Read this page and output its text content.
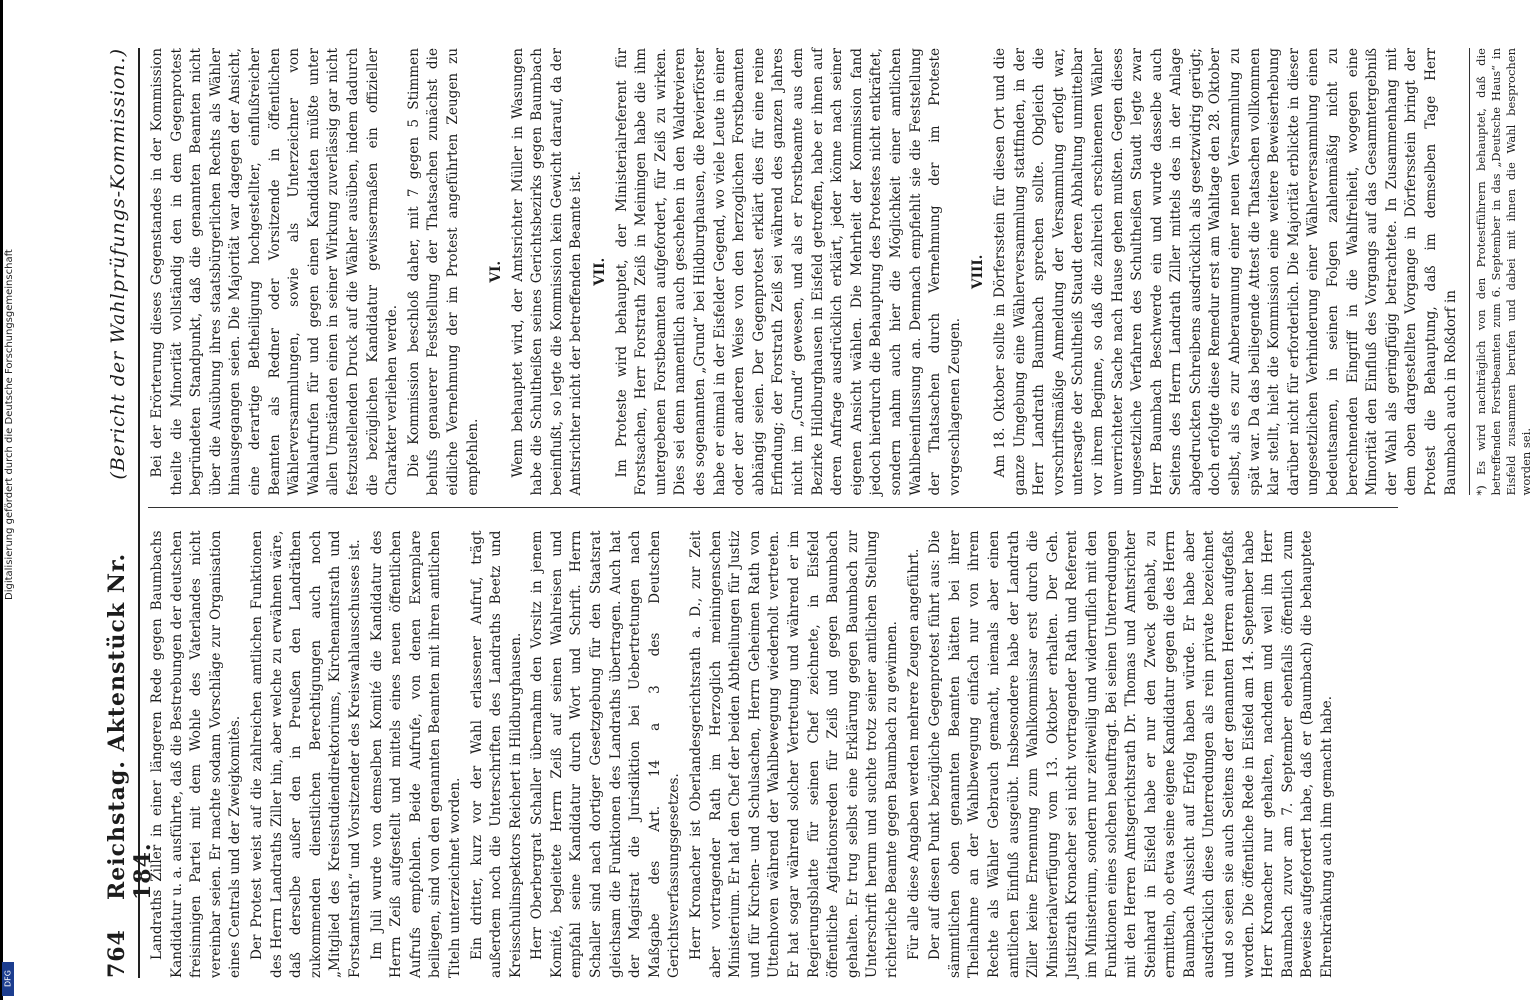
764
Reichstag. Aktenstück Nr. 184.
(Bericht der Wahlprüfungs-Kommission.)

Landraths Ziller in einer längeren Rede gegen Baumbachs Kandidatur u. a. ausführte, daß die Bestrebungen der deutschen freisinnigen Partei mit dem Wohle des Vaterlandes nicht vereinbar seien. Er machte sodann Vorschläge zur Organisation eines Centrals und der Zweigkomitès. Der Protest weist auf die zahlreichen amtlichen Funktionen des Herrn Landraths Ziller hin, aber welche zu erwähnen wäre, daß derselbe außer den in Preußen den Landräthen zukommenden dienstlichen Berechtigungen auch noch „Mitglied des Kreisstudiendirektoriums, Kirchenamtsrath und Forstamtsrath“ und Vorsitzender des Kreiswahlausschusses ist. Im Juli wurde von demselben Komité die Kandidatur des Herrn Zeiß aufgestellt und mittels eines neuen öffentlichen Aufrufs empfohlen. Beide Aufrufe, von denen Exemplare beiliegen, sind von den genannten Beamten mit ihren amtlichen Titeln unterzeichnet worden. Ein dritter, kurz vor der Wahl erlassener Aufruf, trägt außerdem noch die Unterschriften des Landraths Beetz und Kreisschulinspektors Reichert in Hildburghausen. Herr Oberbergrat Schaller übernahm den Vorsitz in jenem Komité, begleitete Herrn Zeiß auf seinen Wahlreisen und empfahl seine Kandidatur durch Wort und Schrift. Herrn Schaller sind nach dortiger Gesetzgebung für den Staatsrat gleichsam die Funktionen des Landraths übertragen. Auch hat der Magistrat die Jurisdiktion bei Uebertretungen nach Maßgabe des Art. 14 a 3 des Deutschen Gerichtsverfassungsgesetzes. Herr Kronacher ist Oberlandesgerichtsrath a. D., zur Zeit aber vortragender Rath im Herzoglich meiningenschen Ministerium. Er hat den Chef der beiden Abtheilungen für Justiz und für Kirchen- und Schulsachen, Herrn Geheimen Rath von Uttenhoven während der Wahlbewegung wiederholt vertreten. Er hat sogar während solcher Vertretung und während er im Regierungsblatte für seinen Chef zeichnete, in Eisfeld öffentliche Agitationsreden für Zeiß und gegen Baumbach gehalten. Er trug selbst eine Erklärung gegen Baumbach zur Unterschrift herum und suchte trotz seiner amtlichen Stellung richterliche Beamte gegen Baumbach zu gewinnen. Für alle diese Angaben werden mehrere Zeugen angeführt. Der auf diesen Punkt bezügliche Gegenprotest führt aus: Die sämmtlichen oben genannten Beamten hätten bei ihrer Theilnahme an der Wahlbewegung einfach nur von ihrem Rechte als Wähler Gebrauch gemacht, niemals aber einen amtlichen Einfluß ausgeübt. Insbesondere habe der Landrath Ziller keine Ernennung zum Wahlkommissar erst durch die Ministerialverfügung vom 13. Oktober erhalten. Der Geh. Justizrath Kronacher sei nicht vortragender Rath und Referent im Ministerium, sondern nur zeitweilig und widerruflich mit den Funktionen eines solchen beauftragt. Bei seinen Unterredungen mit den Herren Amtsgerichtsrath Dr. Thomas und Amtsrichter Steinhard in Eisfeld habe er nur den Zweck gehabt, zu ermitteln, ob etwa seine eigene Kandidatur gegen die des Herrn Baumbach Aussicht auf Erfolg haben würde. Er habe aber ausdrücklich diese Unterredungen als rein private bezeichnet und so seien sie auch Seitens der genannten Herren aufgefaßt worden. Die öffentliche Rede in Eisfeld am 14. September habe Herr Kronacher nur gehalten, nachdem und weil ihn Herr Baumbach zuvor am 7. September ebenfalls öffentlich zum Beweise aufgefordert habe, daß er (Baumbach) die behauptete Ehrenkränkung auch ihm gemacht habe.

Bei der Erörterung dieses Gegenstandes in der Kommission theilte die Minorität vollständig den in dem Gegenprotest begründeten Standpunkt, daß die genannten Beamten nicht über die Ausübung ihres staatsbürgerlichen Rechts als Wähler hinausgegangen seien. Die Majorität war dagegen der Ansicht, eine derartige Betheiligung hochgestellter, einflußreicher Beamten als Redner oder Vorsitzende in öffentlichen Wählerversammlungen, sowie als Unterzeichner von Wahlaufrufen für und gegen einen Kandidaten müßte unter allen Umständen einen in seiner Wirkung zuverlässig gar nicht festzustellenden Druck auf die Wähler ausüben, indem dadurch die bezüglichen Kandidatur gewissermaßen ein offizieller Charakter verliehen werde. Die Kommission beschloß daher, mit 7 gegen 5 Stimmen behufs genauerer Feststellung der Thatsachen zunächst die eidliche Vernehmung der im Protest angeführten Zeugen zu empfehlen.

VI. Wenn behauptet wird, der Amtsrichter Müller in Wasungen habe die Schultheißen seines Gerichtsbezirks gegen Baumbach beeinflußt, so legte die Kommission kein Gewicht darauf, da der Amtsrichter nicht der betreffenden Beamte ist. VII. Im Proteste wird behauptet, der Ministerialreferent für Forstsachen, Herr Forstrath Zeiß in Meiningen habe die ihm untergebenen Forstbeamten aufgefordert, für Zeiß zu wirken. Dies sei denn namentlich auch geschehen in den Waldrevieren des sogenannten „Grund“ bei Hildburghausen, die Revierförster habe er einmal in der Eisfelder Gegend, wo viele Leute in einer oder der anderen Weise von den herzoglichen Forstbeamten abhängig seien. Der Gegenprotest erklärt dies für eine reine Erfindung; der Forstrath Zeiß sei während des ganzen Jahres nicht im „Grund“ gewesen, und als er Forstbeamte aus dem Bezirke Hildburghausen in Eisfeld getroffen, habe er ihnen auf deren Anfrage ausdrücklich erklärt, jeder könne nach seiner eigenen Ansicht wählen. Die Mehrheit der Kommission fand jedoch hierdurch die Behauptung des Protestes nicht entkräftet, sondern nahm auch hier die Möglichkeit einer amtlichen Wahlbeeinflussung an. Demnach empfiehlt sie die Feststellung der Thatsachen durch Vernehmung der im Proteste vorgeschlagenen Zeugen.

VIII. Am 18. Oktober sollte in Dörfersstein für diesen Ort und die ganze Umgebung eine Wählerversammlung stattfinden, in der Herr Landrath Baumbach sprechen sollte. Obgleich die vorschriftsmäßige Anmeldung der Versammlung erfolgt war, untersagte der Schultheiß Staudt deren Abhaltung unmittelbar vor ihrem Beginne, so daß die zahlreich erschienenen Wähler unverrichteter Sache nach Hause gehen mußten. Gegen dieses ungesetzliche Verfahren des Schultheißen Staudt legte zwar Herr Baumbach Beschwerde ein und wurde dasselbe auch Seitens des Herrn Landrath Ziller mittels des in der Anlage abgedruckten Schreibens ausdrücklich als gesetzwidrig gerügt; doch erfolgte diese Remedur erst am Wahltage den 28. Oktober selbst, als es zur Anberaumung einer neuen Versammlung zu spät war. Da das beiliegende Attest die Thatsachen vollkommen klar stellt, hielt die Kommission eine weitere Beweiserhebung darüber nicht für erforderlich. Die Majorität erblickte in dieser ungesetzlichen Verhinderung einer Wählerversammlung einen bedeutsamen, in seinen Folgen zahlenmäßig nicht zu berechnenden Eingriff in die Wahlfreiheit, wogegen eine Minorität den Einfluß des Vorgangs auf das Gesammtergebniß der Wahl als geringfügig betrachtete. In Zusammenhang mit dem oben dargestellten Vorgange in Dörfersstein bringt der Protest die Behauptung, daß im demselben Tage Herr Baumbach auch in Roßdorf in	*) Es wird nachträglich von den Protestführern behauptet, daß die betreffenden Forstbeamten zum 6. September in das „Deutsche Haus“ in Eisfeld zusammen berufen und dabei mit ihnen die Wahl besprochen worden sei.
Digitalisierung gefördert durch die Deutsche Forschungsgemeinschaft
DFG
